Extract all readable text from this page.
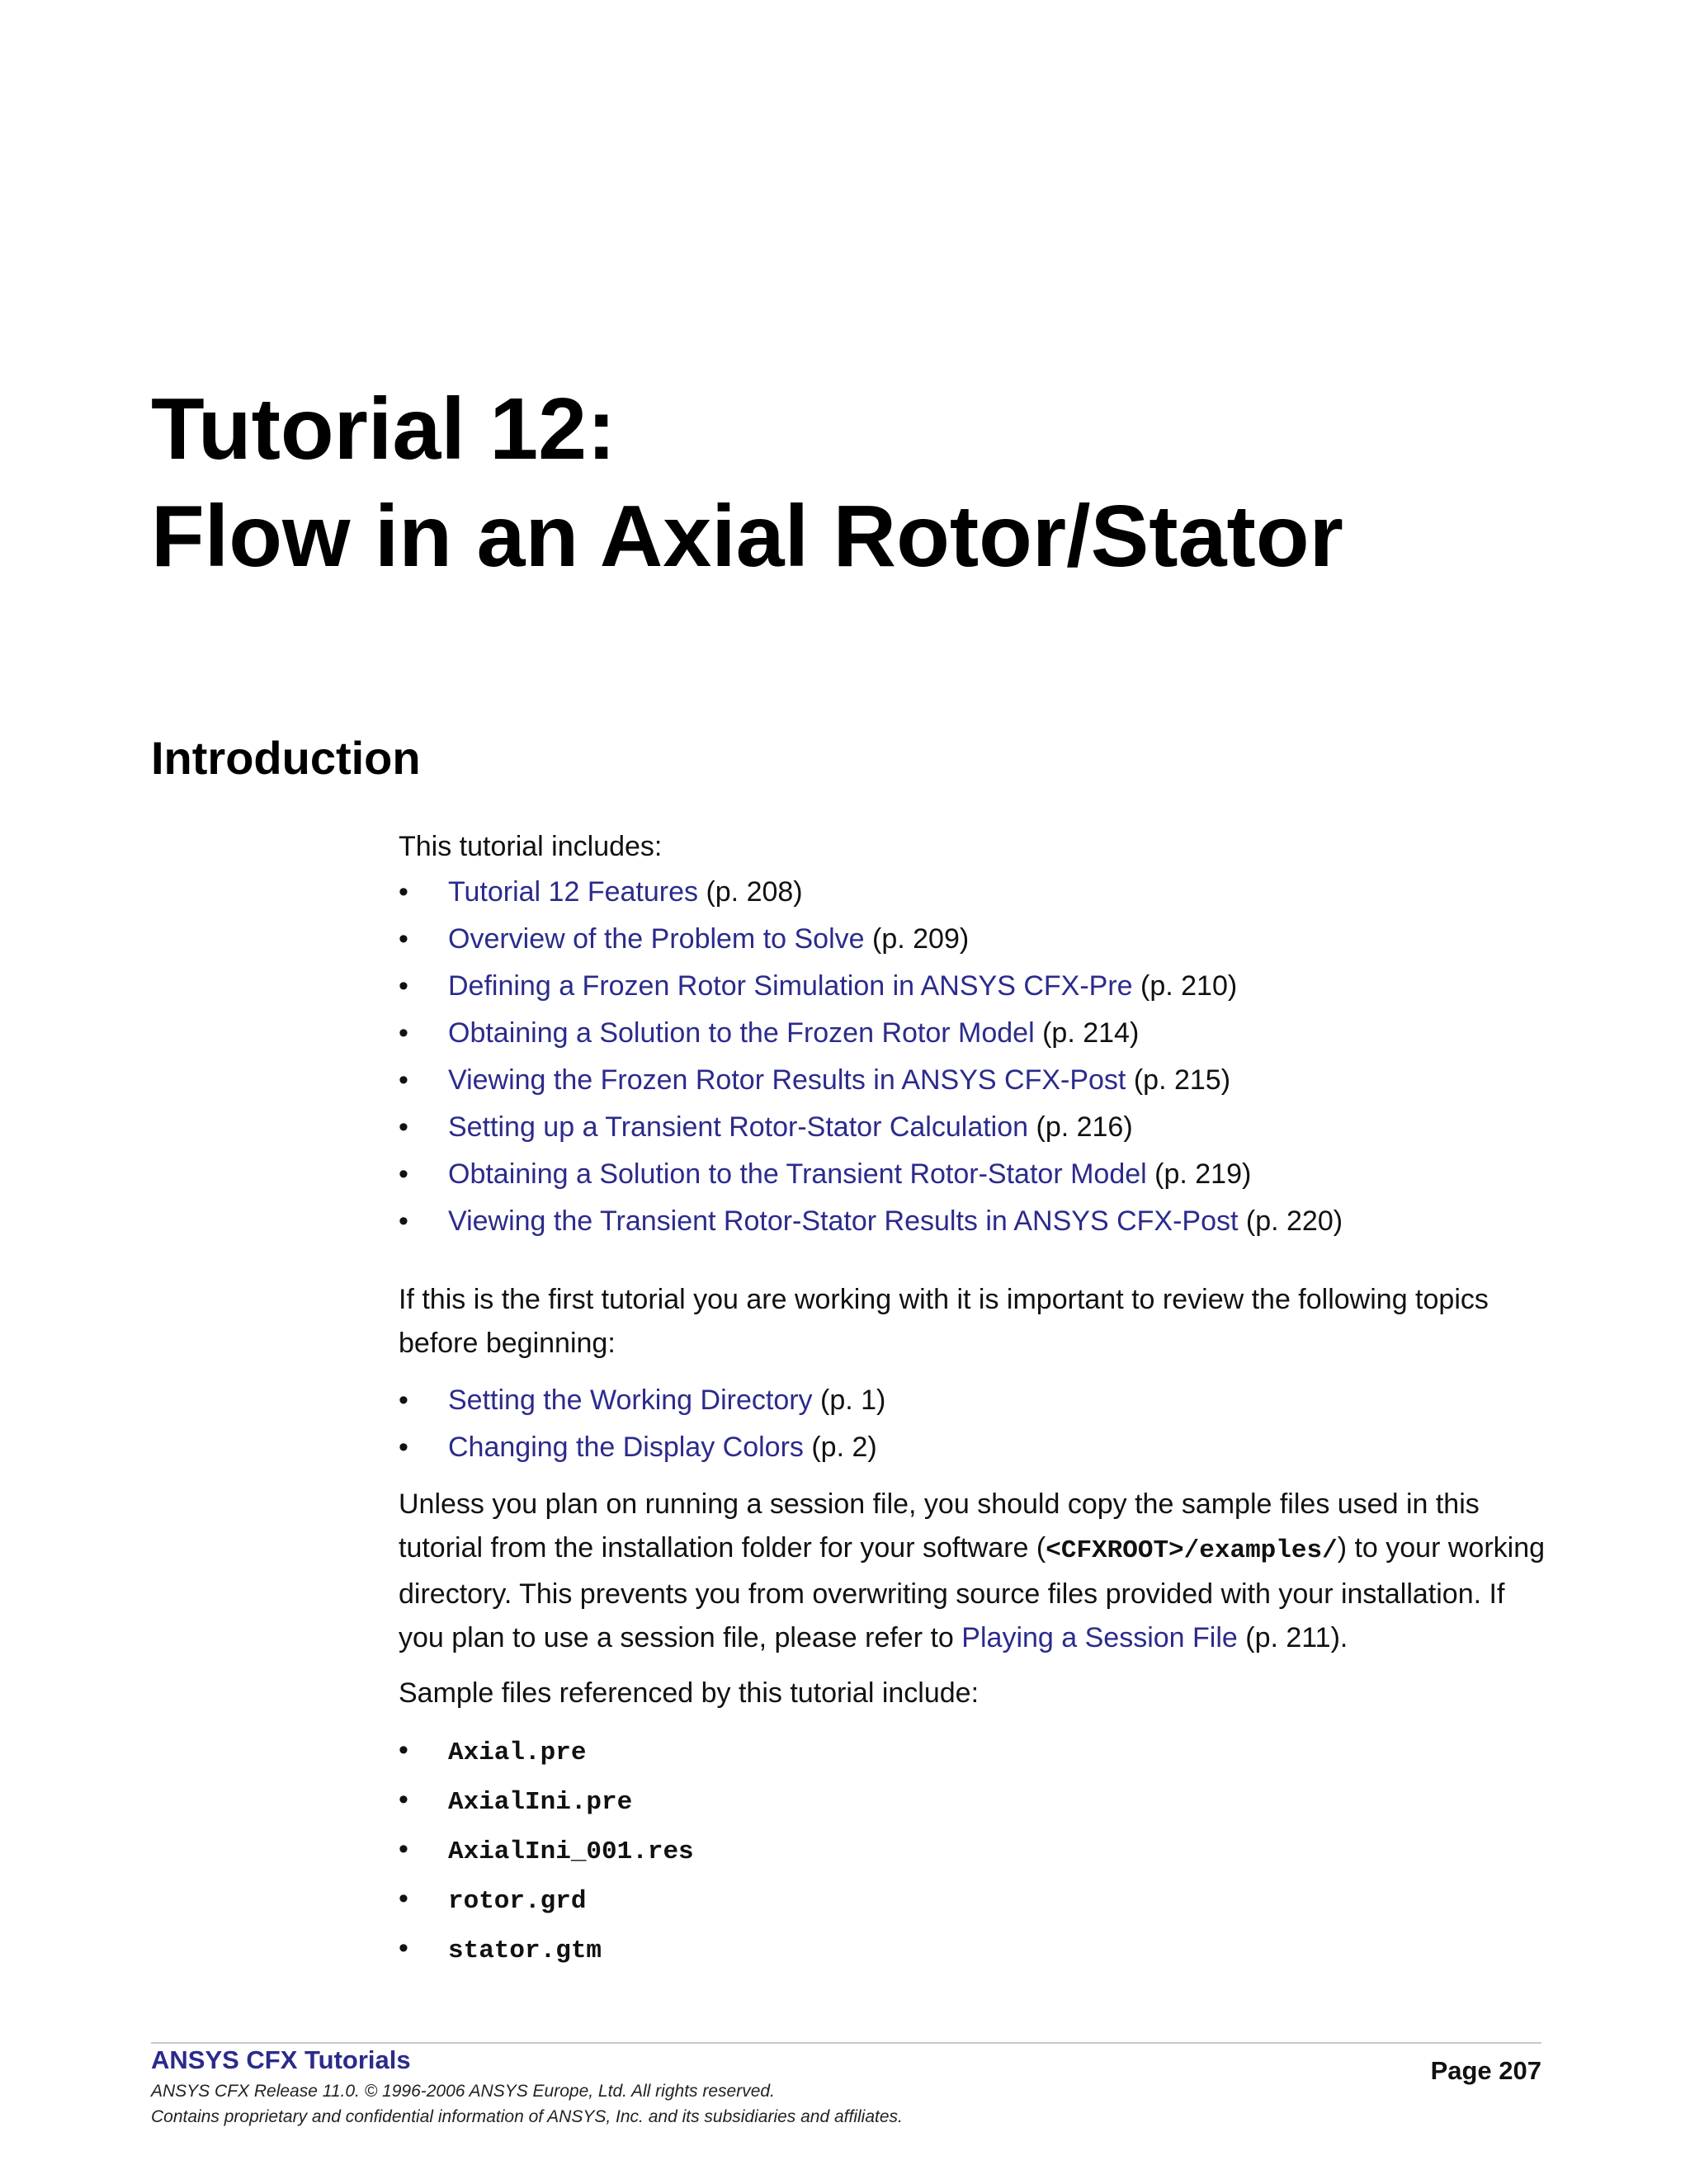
Tutorial 12:
Flow in an Axial Rotor/Stator
Introduction

This tutorial includes:

• Tutorial 12 Features (p. 208)
• Overview of the Problem to Solve (p. 209)
• Defining a Frozen Rotor Simulation in ANSYS CFX-Pre (p. 210)
• Obtaining a Solution to the Frozen Rotor Model (p. 214)
• Viewing the Frozen Rotor Results in ANSYS CFX-Post (p. 215)
• Setting up a Transient Rotor-Stator Calculation (p. 216)
• Obtaining a Solution to the Transient Rotor-Stator Model (p. 219)
• Viewing the Transient Rotor-Stator Results in ANSYS CFX-Post (p. 220)

If this is the first tutorial you are working with it is important to review the following topics before beginning:

• Setting the Working Directory (p. 1)
• Changing the Display Colors (p. 2)

Unless you plan on running a session file, you should copy the sample files used in this tutorial from the installation folder for your software (<CFXROOT>/examples/) to your working directory. This prevents you from overwriting source files provided with your installation. If you plan to use a session file, please refer to Playing a Session File (p. 211).

Sample files referenced by this tutorial include:

• Axial.pre
• AxialIni.pre
• AxialIni_001.res
• rotor.grd
• stator.gtm
ANSYS CFX Tutorials	Page 207
ANSYS CFX Release 11.0. © 1996-2006 ANSYS Europe, Ltd. All rights reserved.
Contains proprietary and confidential information of ANSYS, Inc. and its subsidiaries and affiliates.
